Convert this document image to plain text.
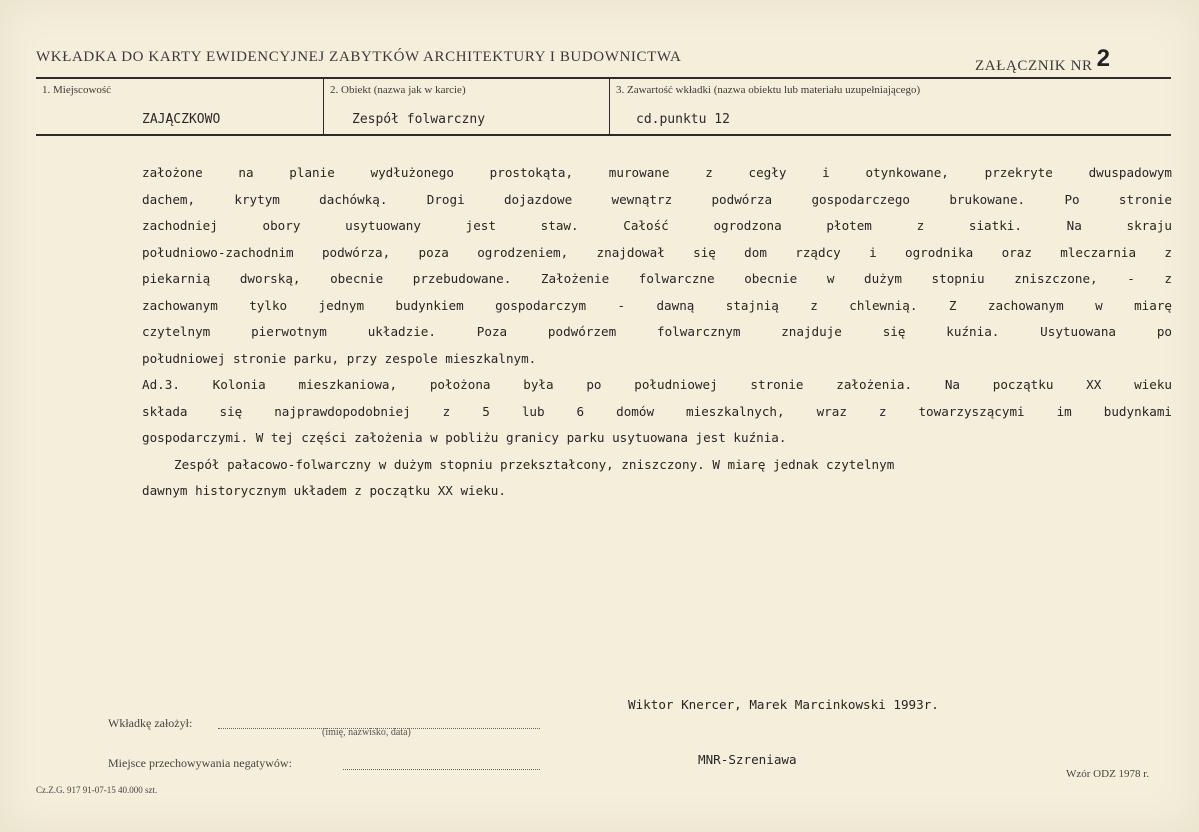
WKŁADKA DO KARTY EWIDENCYJNEJ ZABYTKÓW ARCHITEKTURY I BUDOWNICTWA
ZAŁĄCZNIK NR 2
1. Miejscowość
ZAJĄCZKOWO
2. Obiekt (nazwa jak w karcie)
Zespół folwarczny
3. Zawartość wkładki (nazwa obiektu lub materiału uzupełniającego)
cd.punktu 12
założone na planie wydłużonego prostokąta, murowane z cegły i otynkowane, przekryte dwuspadowym
dachem, krytym dachówką. Drogi dojazdowe wewnątrz podwórza gospodarczego brukowane. Po stronie
zachodniej obory usytuowany jest staw. Całość ogrodzona płotem z siatki. Na skraju
południowo-zachodnim podwórza, poza ogrodzeniem, znajdował się dom rządcy i ogrodnika oraz mleczarnia z
piekarnią dworską, obecnie przebudowane. Założenie folwarczne obecnie w dużym stopniu zniszczone, - z
zachowanym tylko jednym budynkiem gospodarczym - dawną stajnią z chlewnią. Z zachowanym w miarę
czytelnym pierwotnym układzie. Poza podwórzem folwarcznym znajduje się kuźnia. Usytuowana po
południowej stronie parku, przy zespole mieszkalnym.
Ad.3. Kolonia mieszkaniowa, położona była po południowej stronie założenia. Na początku XX wieku
składa się najprawdopodobniej z 5 lub 6 domów mieszkalnych, wraz z towarzyszącymi im budynkami
gospodarczymi. W tej części założenia w pobliżu granicy parku usytuowana jest kuźnia.
Zespół pałacowo-folwarczny w dużym stopniu przekształcony, zniszczony. W miarę jednak czytelnym
dawnym historycznym układem z początku XX wieku.
Wiktor Knercer, Marek Marcinkowski 1993r.
Wkładkę założył:
(imię, nazwisko, data)
Miejsce przechowywania negatywów:	MNR-Szreniawa
Wzór ODZ 1978 r.
Cz.Z.G. 917 91-07-15 40.000 szt.
